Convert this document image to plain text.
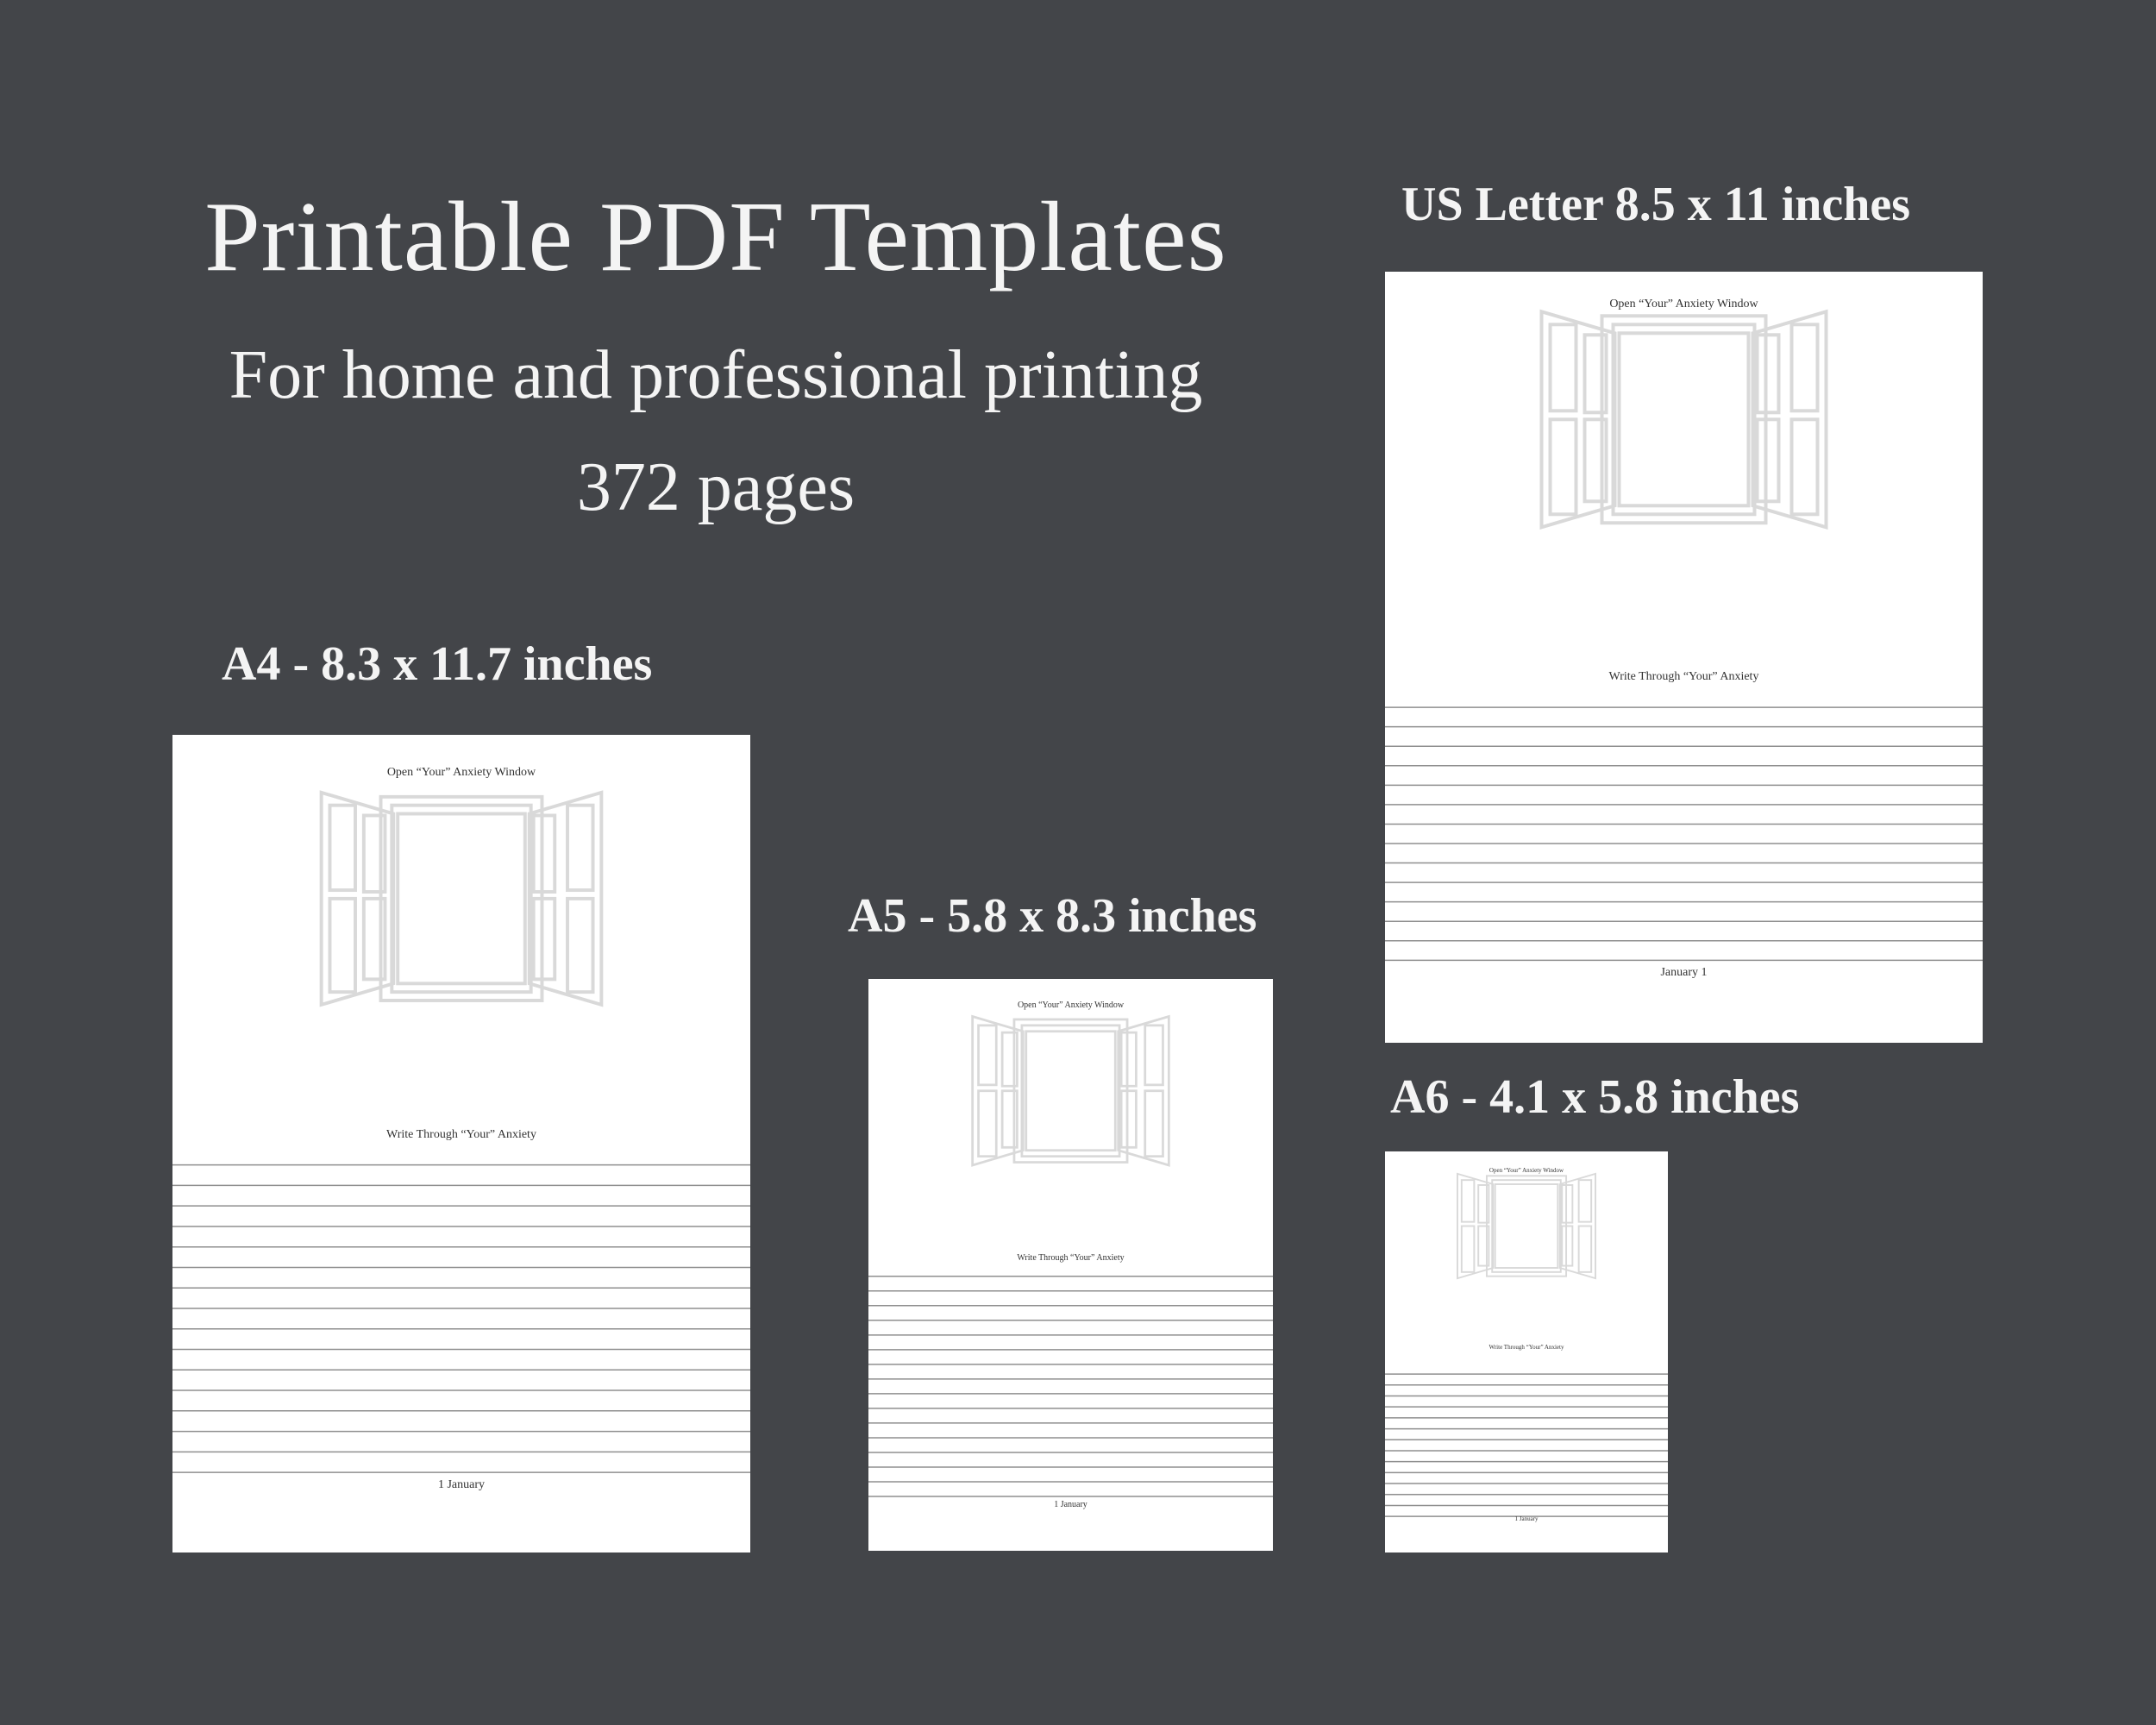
Printable PDF Templates
For home and professional printing
372 pages
A4 - 8.3 x 11.7 inches
A5 - 5.8 x 8.3 inches
US Letter 8.5 x 11 inches
A6 - 4.1 x 5.8 inches
Open “Your” Anxiety Window
Write Through “Your” Anxiety
1 January
Open “Your” Anxiety Window
Write Through “Your” Anxiety
1 January
Open “Your” Anxiety Window
Write Through “Your” Anxiety
January 1
Open “Your” Anxiety Window
Write Through “Your” Anxiety
1 January
